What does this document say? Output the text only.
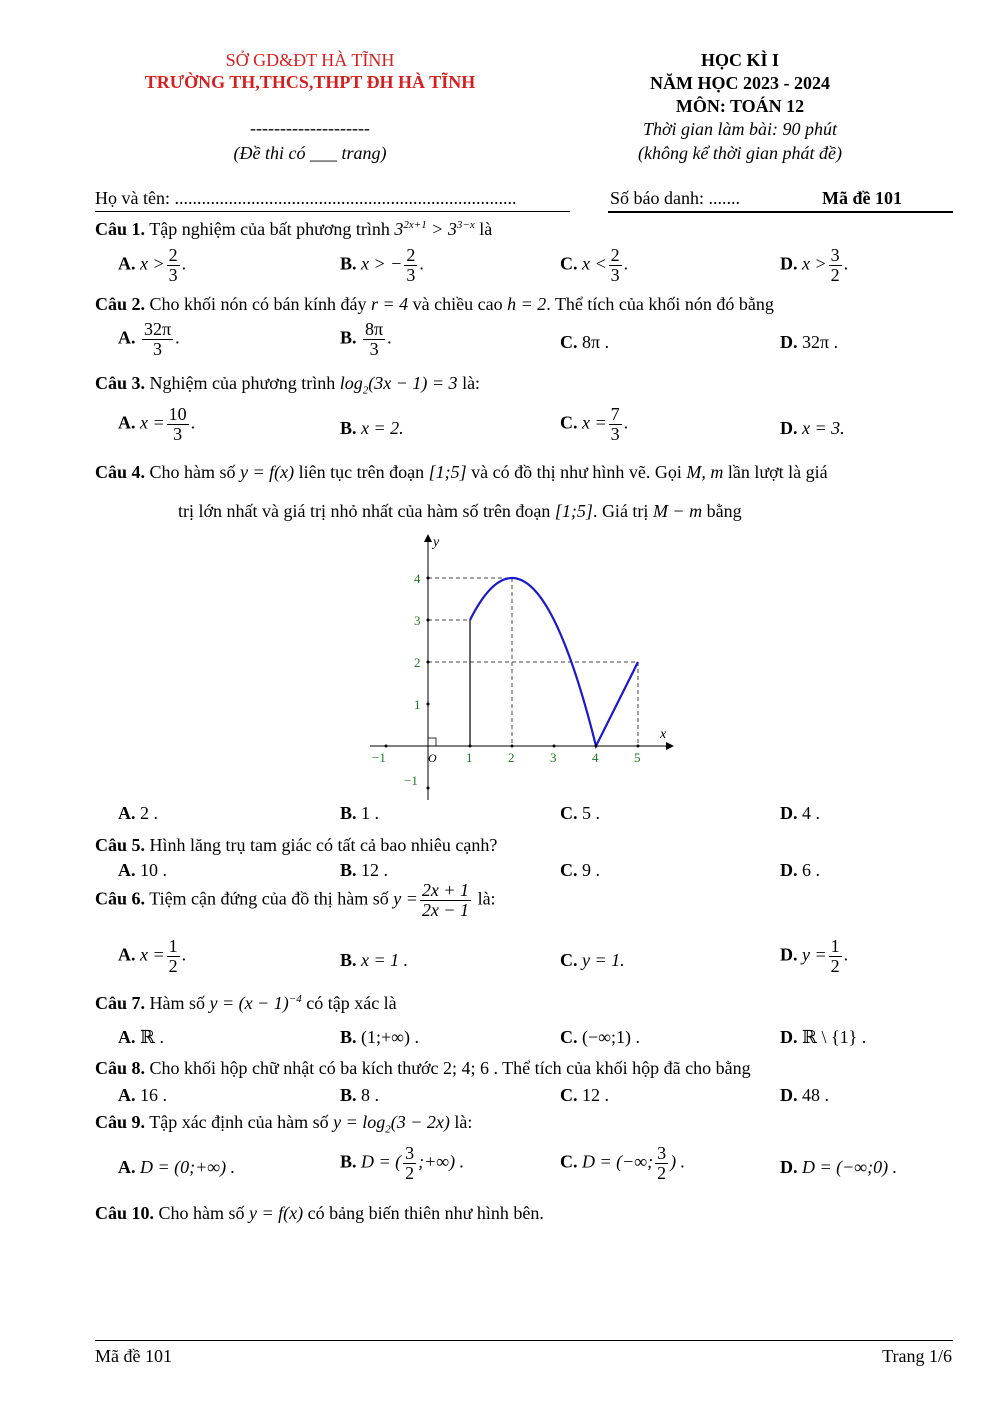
SỞ GD&ĐT HÀ TĨNH
TRƯỜNG TH,THCS,THPT ĐH HÀ TĨNH
--------------------
(Đề thi có ___ trang)
HỌC KÌ I
NĂM HỌC 2023 - 2024
MÔN: TOÁN 12
Thời gian làm bài: 90 phút
(không kể thời gian phát đề)
Họ và tên: ............................................................................	Số báo danh: .......	Mã đề 101
Câu 1. Tập nghiệm của bất phương trình $3^{2x+1} > 3^{3-x}$ là
A. $x > \frac{2}{3}$ .	B. x > − $\frac{2}{3}$ .	C. $x < \frac{2}{3}$ .	D. $x > \frac{3}{2}$ .
Câu 2. Cho khối nón có bán kính đáy r = 4 và chiều cao h = 2. Thể tích của khối nón đó bằng
A. $\frac{32\pi}{3}$ .	B. $\frac{8\pi}{3}$ .	C. 8π .	D. 32π .
Câu 3. Nghiệm của phương trình $\log_2(3x - 1) = 3$ là:
A. $x = \frac{10}{3}$ .	B. x = 2.	C. $x = \frac{7}{3}$ .	D. x = 3.
Câu 4. Cho hàm số y = f(x) liên tục trên đoạn [1;5] và có đồ thị như hình vẽ. Gọi M, m lần lượt là giá
trị lớn nhất và giá trị nhỏ nhất của hàm số trên đoạn [1;5]. Giá trị M − m bằng
y
x
O
−1	1	2	3	4	5
4
3
2
1
−1
A. 2 .	B. 1 .	C. 5 .	D. 4 .
Câu 5. Hình lăng trụ tam giác có tất cả bao nhiêu cạnh?
A. 10 .	B. 12 .	C. 9 .	D. 6 .
Câu 6. Tiệm cận đứng của đồ thị hàm số $y = \frac{2x + 1}{2x - 1}$ là:
A. $x = \frac{1}{2}$ .	B. x = 1 .	C. y = 1.	D. $y = \frac{1}{2}$ .
Câu 7. Hàm số $y = (x - 1)^{-4}$ có tập xác là
A. ℝ .	B. (1;+∞) .	C. (−∞;1) .	D. ℝ \ {1} .
Câu 8. Cho khối hộp chữ nhật có ba kích thước 2; 4; 6 . Thể tích của khối hộp đã cho bằng
A. 16 .	B. 8 .	C. 12 .	D. 48 .
Câu 9. Tập xác định của hàm số $y = \log_2(3 - 2x)$ là:
A. D = (0;+∞) .	B. D = ( $\frac{3}{2}$ ;+∞) .	C. D = (−∞; $\frac{3}{2}$ ) .	D. D = (−∞;0) .
Câu 10. Cho hàm số y = f(x) có bảng biến thiên như hình bên.
Mã đề 101	Trang 1/6
